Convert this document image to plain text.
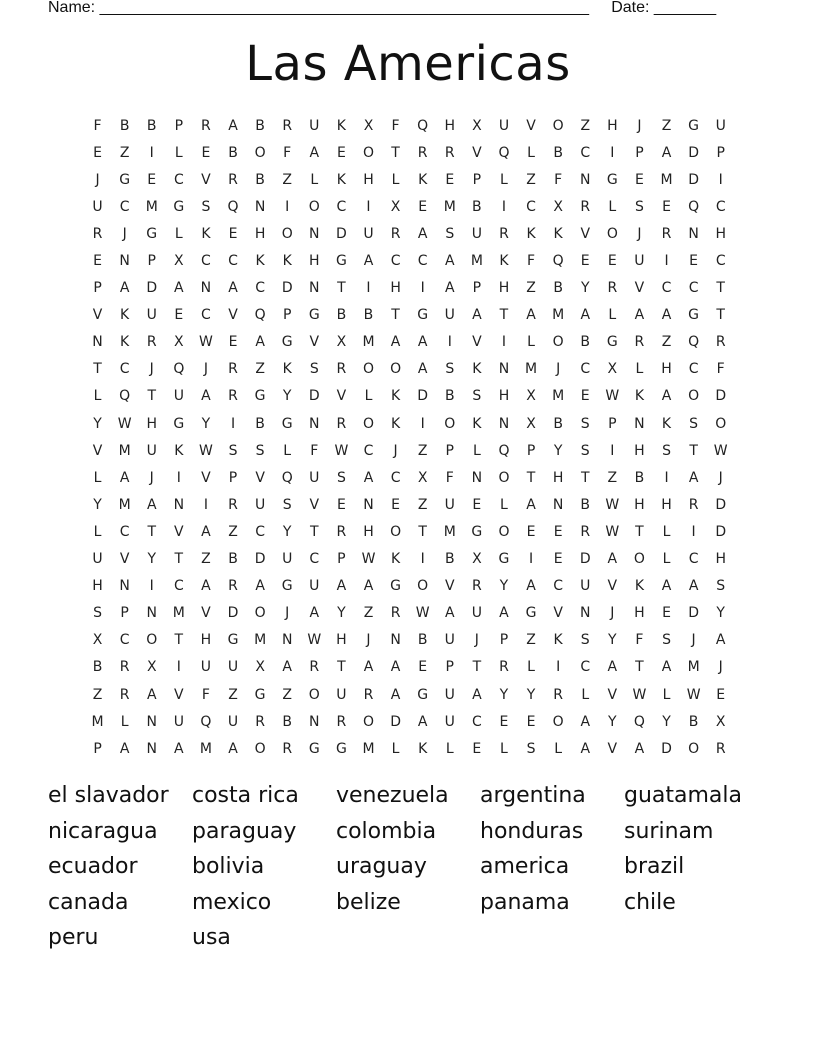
Name: _______________________________________________________     Date: _______
Las Americas
F	B	B	P	R	A	B	R	U	K	X	F	Q	H	X	U	V	O	Z	H	J	Z	G	U
E	Z	I	L	E	B	O	F	A	E	O	T	R	R	V	Q	L	B	C	I	P	A	D	P
J	G	E	C	V	R	B	Z	L	K	H	L	K	E	P	L	Z	F	N	G	E	M	D	I
U	C	M	G	S	Q	N	I	O	C	I	X	E	M	B	I	C	X	R	L	S	E	Q	C
R	J	G	L	K	E	H	O	N	D	U	R	A	S	U	R	K	K	V	O	J	R	N	H
E	N	P	X	C	C	K	K	H	G	A	C	C	A	M	K	F	Q	E	E	U	I	E	C
P	A	D	A	N	A	C	D	N	T	I	H	I	A	P	H	Z	B	Y	R	V	C	C	T
V	K	U	E	C	V	Q	P	G	B	B	T	G	U	A	T	A	M	A	L	A	A	G	T
N	K	R	X	W	E	A	G	V	X	M	A	A	I	V	I	L	O	B	G	R	Z	Q	R
T	C	J	Q	J	R	Z	K	S	R	O	O	A	S	K	N	M	J	C	X	L	H	C	F
L	Q	T	U	A	R	G	Y	D	V	L	K	D	B	S	H	X	M	E	W	K	A	O	D
Y	W	H	G	Y	I	B	G	N	R	O	K	I	O	K	N	X	B	S	P	N	K	S	O
V	M	U	K	W	S	S	L	F	W	C	J	Z	P	L	Q	P	Y	S	I	H	S	T	W
L	A	J	I	V	P	V	Q	U	S	A	C	X	F	N	O	T	H	T	Z	B	I	A	J
Y	M	A	N	I	R	U	S	V	E	N	E	Z	U	E	L	A	N	B	W	H	H	R	D
L	C	T	V	A	Z	C	Y	T	R	H	O	T	M	G	O	E	E	R	W	T	L	I	D
U	V	Y	T	Z	B	D	U	C	P	W	K	I	B	X	G	I	E	D	A	O	L	C	H
H	N	I	C	A	R	A	G	U	A	A	G	O	V	R	Y	A	C	U	V	K	A	A	S
S	P	N	M	V	D	O	J	A	Y	Z	R	W	A	U	A	G	V	N	J	H	E	D	Y
X	C	O	T	H	G	M	N	W	H	J	N	B	U	J	P	Z	K	S	Y	F	S	J	A
B	R	X	I	U	U	X	A	R	T	A	A	E	P	T	R	L	I	C	A	T	A	M	J
Z	R	A	V	F	Z	G	Z	O	U	R	A	G	U	A	Y	Y	R	L	V	W	L	W	E
M	L	N	U	Q	U	R	B	N	R	O	D	A	U	C	E	E	O	A	Y	Q	Y	B	X
P	A	N	A	M	A	O	R	G	G	M	L	K	L	E	L	S	L	A	V	A	D	O	R
el slavador	costa rica	venezuela	argentina	guatamala
nicaragua	paraguay	colombia	honduras	surinam
ecuador	bolivia	uraguay	america	brazil
canada	mexico	belize	panama	chile
peru	usa
